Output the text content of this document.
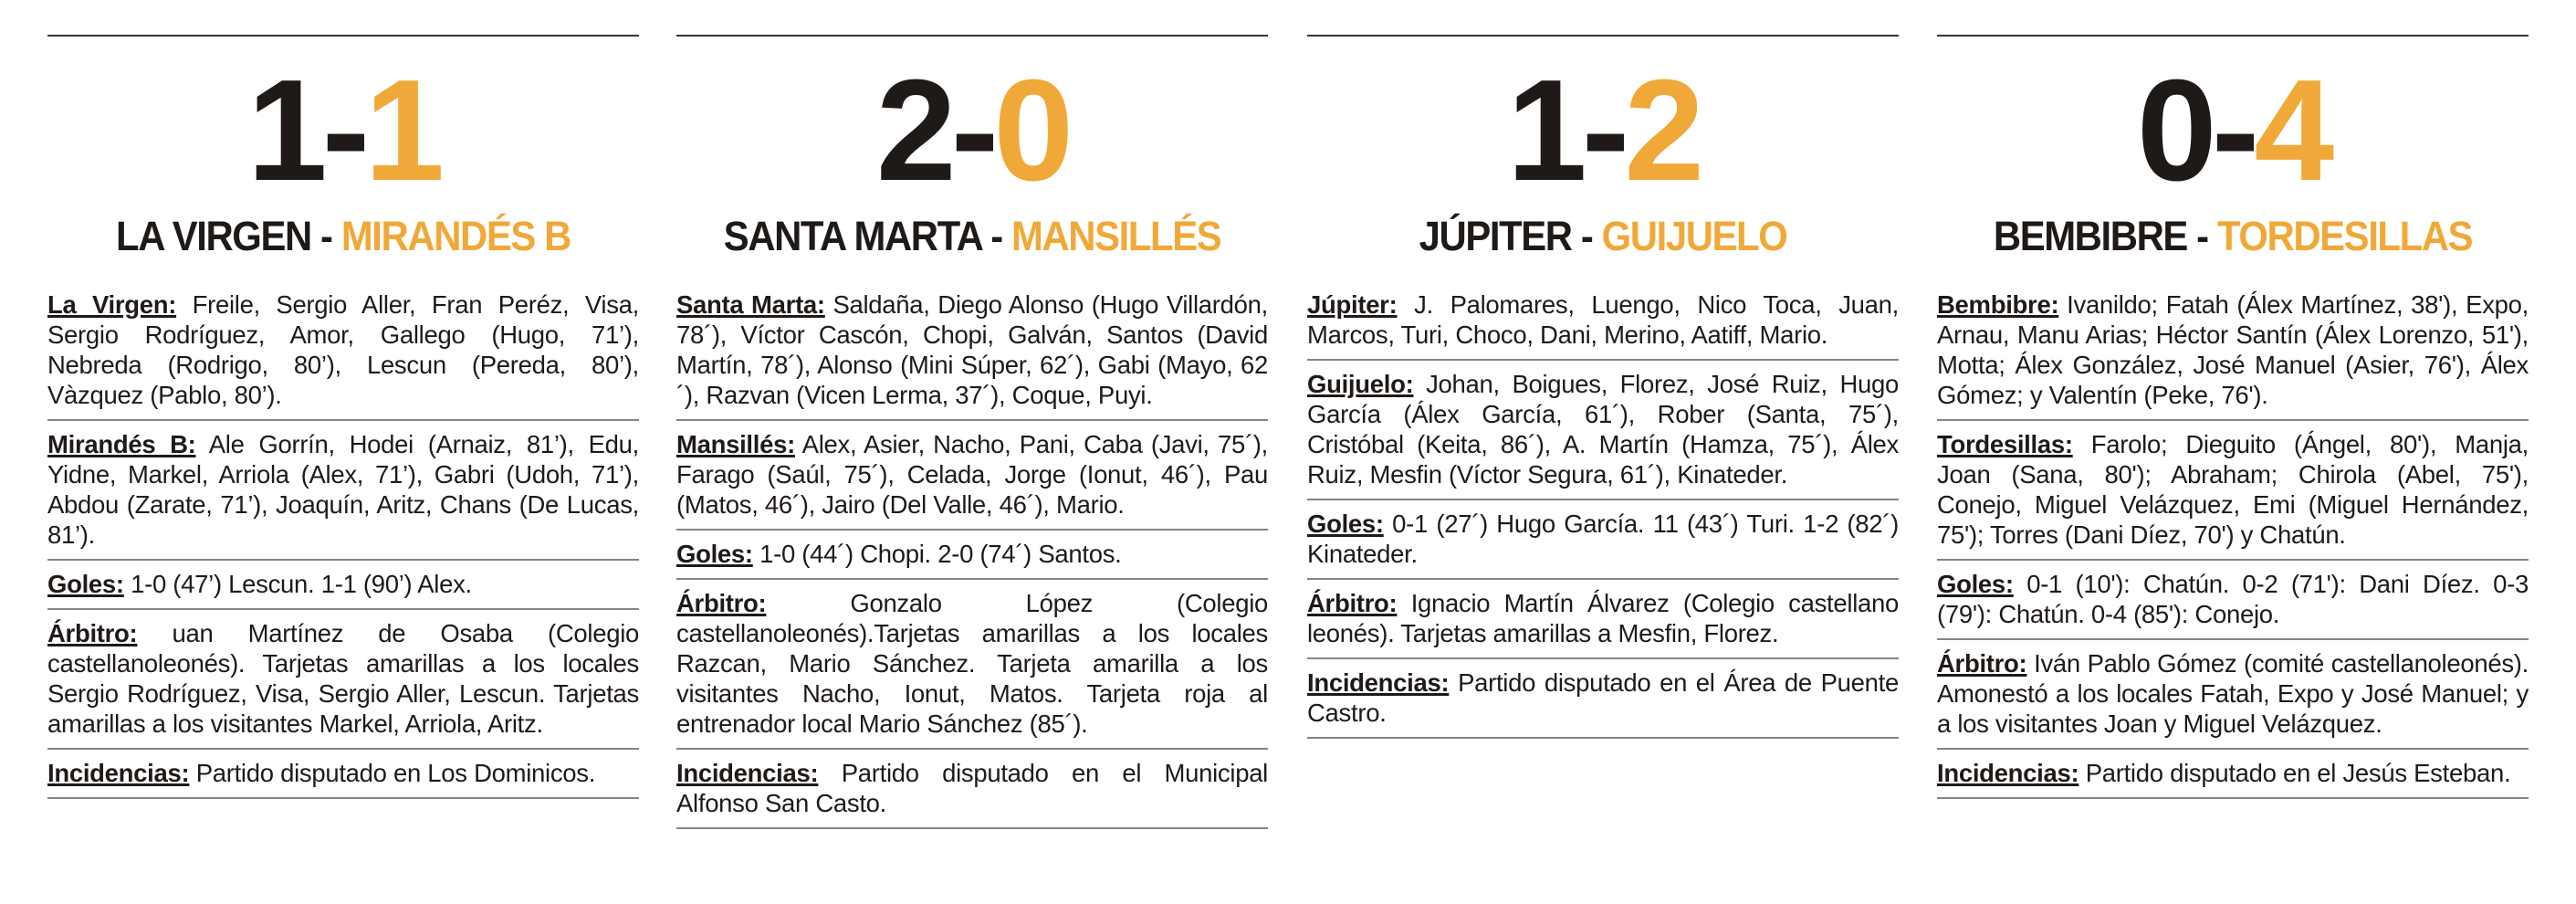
1-1
LA VIRGEN - MIRANDÉS B
La Virgen: Freile, Sergio Aller, Fran Peréz, Visa, Sergio Rodríguez, Amor, Gallego (Hugo, 71’), Nebreda (Rodrigo, 80’), Lescun (Pereda, 80’), Vàzquez (Pablo, 80’).
Mirandés B: Ale Gorrín, Hodei (Arnaiz, 81’), Edu, Yidne, Markel, Arriola (Alex, 71’), Gabri (Udoh, 71’), Abdou (Zarate, 71’), Joaquín, Aritz, Chans (De Lucas, 81’).
Goles: 1-0 (47’) Lescun. 1-1 (90’) Alex.
Árbitro: uan Martínez de Osaba (Colegio castellanoleonés). Tarjetas amarillas a los locales Sergio Rodríguez, Visa, Sergio Aller, Lescun. Tarjetas amarillas a los visitantes Markel, Arriola, Aritz.
Incidencias: Partido disputado en Los Dominicos.
2-0
SANTA MARTA - MANSILLÉS
Santa Marta: Saldaña, Diego Alonso (Hugo Villardón, 78´), Víctor Cascón, Chopi, Galván, Santos (David Martín, 78´), Alonso (Mini Súper, 62´), Gabi (Mayo, 62´), Razvan (Vicen Lerma, 37´), Coque, Puyi.
Mansillés: Alex, Asier, Nacho, Pani, Caba (Javi, 75´), Farago (Saúl, 75´), Celada, Jorge (Ionut, 46´), Pau (Matos, 46´), Jairo (Del Valle, 46´), Mario.
Goles: 1-0 (44´) Chopi. 2-0 (74´) Santos.
Árbitro: Gonzalo López (Colegio castellanoleonés).Tarjetas amarillas a los locales Razcan, Mario Sánchez. Tarjeta amarilla a los visitantes Nacho, Ionut, Matos. Tarjeta roja al entrenador local Mario Sánchez (85´).
Incidencias: Partido disputado en el Municipal Alfonso San Casto.
1-2
JÚPITER - GUIJUELO
Júpiter: J. Palomares, Luengo, Nico Toca, Juan, Marcos, Turi, Choco, Dani, Merino, Aatiff, Mario.
Guijuelo: Johan, Boigues, Florez, José Ruiz, Hugo García (Álex García, 61´), Rober (Santa, 75´), Cristóbal (Keita, 86´), A. Martín (Hamza, 75´), Álex Ruiz, Mesfin (Víctor Segura, 61´), Kinateder.
Goles: 0-1 (27´) Hugo García. 11 (43´) Turi. 1-2 (82´) Kinateder.
Árbitro: Ignacio Martín Álvarez (Colegio castellano leonés). Tarjetas amarillas a Mesfin, Florez.
Incidencias: Partido disputado en el Área de Puente Castro.
0-4
BEMBIBRE - TORDESILLAS
Bembibre: Ivanildo; Fatah (Álex Martínez, 38'), Expo, Arnau, Manu Arias; Héctor Santín (Álex Lorenzo, 51'), Motta; Álex González, José Manuel (Asier, 76'), Álex Gómez; y Valentín (Peke, 76').
Tordesillas: Farolo; Dieguito (Ángel, 80'), Manja, Joan (Sana, 80'); Abraham; Chirola (Abel, 75'), Conejo, Miguel Velázquez, Emi (Miguel Hernández, 75'); Torres (Dani Díez, 70') y Chatún.
Goles: 0-1 (10'): Chatún. 0-2 (71'): Dani Díez. 0-3 (79'): Chatún. 0-4 (85'): Conejo.
Árbitro: Iván Pablo Gómez (comité castellanoleonés). Amonestó a los locales Fatah, Expo y José Manuel; y a los visitantes Joan y Miguel Velázquez.
Incidencias: Partido disputado en el Jesús Esteban.
